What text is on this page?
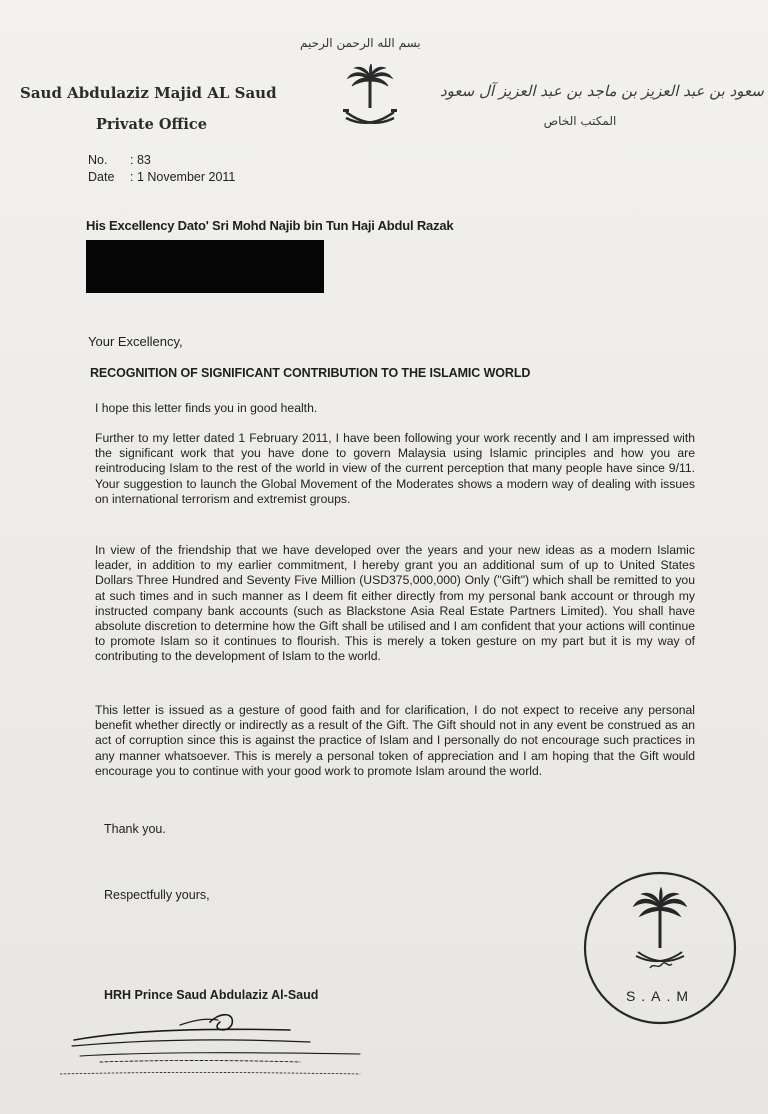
بسم الله الرحمن الرحيم
Saud Abdulaziz Majid AL Saud
Private Office
سعود بن عبد العزيز بن ماجد بن عبد العزيز آل سعود
المكتب الخاص
No. : 83
Date : 1 November 2011
His Excellency Dato' Sri Mohd Najib bin Tun Haji Abdul Razak
Your Excellency,
RECOGNITION OF SIGNIFICANT CONTRIBUTION TO THE ISLAMIC WORLD

I hope this letter finds you in good health.

Further to my letter dated 1 February 2011, I have been following your work recently and I am impressed with the significant work that you have done to govern Malaysia using Islamic principles and how you are reintroducing Islam to the rest of the world in view of the current perception that many people have since 9/11. Your suggestion to launch the Global Movement of the Moderates shows a modern way of dealing with issues on international terrorism and extremist groups.

In view of the friendship that we have developed over the years and your new ideas as a modern Islamic leader, in addition to my earlier commitment, I hereby grant you an additional sum of up to United States Dollars Three Hundred and Seventy Five Million (USD375,000,000) Only ("Gift") which shall be remitted to you at such times and in such manner as I deem fit either directly from my personal bank account or through my instructed company bank accounts (such as Blackstone Asia Real Estate Partners Limited). You shall have absolute discretion to determine how the Gift shall be utilised and I am confident that your actions will continue to promote Islam so it continues to flourish. This is merely a token gesture on my part but it is my way of contributing to the development of Islam to the world.

This letter is issued as a gesture of good faith and for clarification, I do not expect to receive any personal benefit whether directly or indirectly as a result of the Gift. The Gift should not in any event be construed as an act of corruption since this is against the practice of Islam and I personally do not encourage such practices in any manner whatsoever. This is merely a personal token of appreciation and I am hoping that the Gift would encourage you to continue with your good work to promote Islam around the world.

Thank you.
Respectfully yours,
HRH Prince Saud Abdulaziz Al-Saud	S.A.M
